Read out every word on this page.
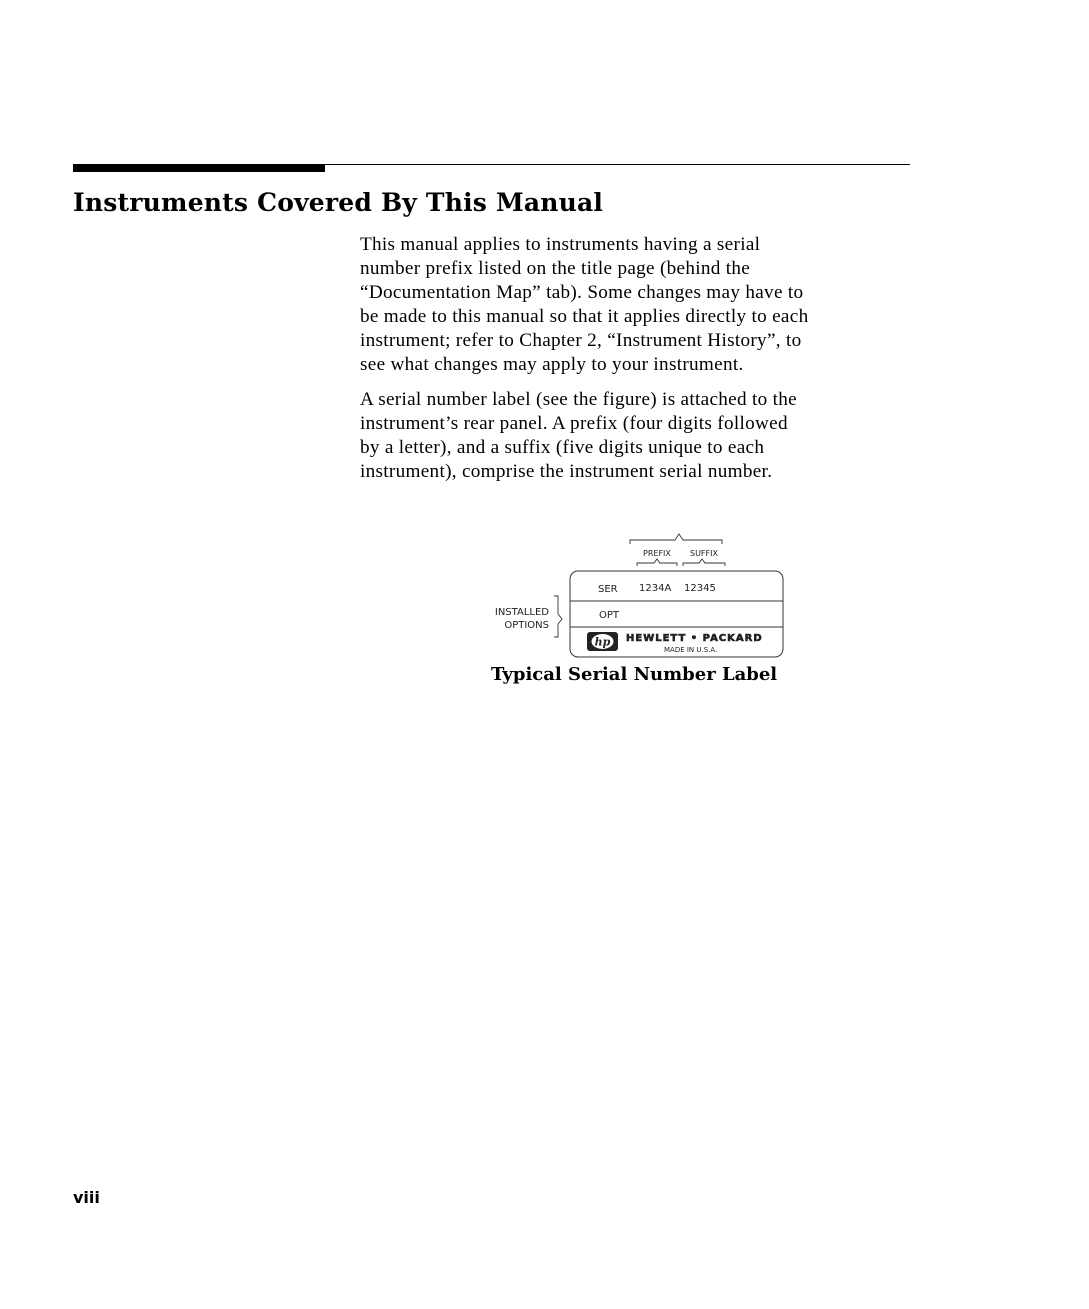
Instruments Covered By This Manual

This manual applies to instruments having a serial
number prefix listed on the title page (behind the
“Documentation Map” tab). Some changes may have to
be made to this manual so that it applies directly to each
instrument; refer to Chapter 2, “Instrument History”, to
see what changes may apply to your instrument.

A serial number label (see the figure) is attached to the
instrument’s rear panel. A prefix (four digits followed
by a letter), and a suffix (five digits unique to each
instrument), comprise the instrument serial number.

PREFIX SUFFIX
SER 1234A 12345
OPT
INSTALLED
OPTIONS
hp HEWLETT • PACKARD
MADE IN U.S.A.

Typical Serial Number Label

viii
